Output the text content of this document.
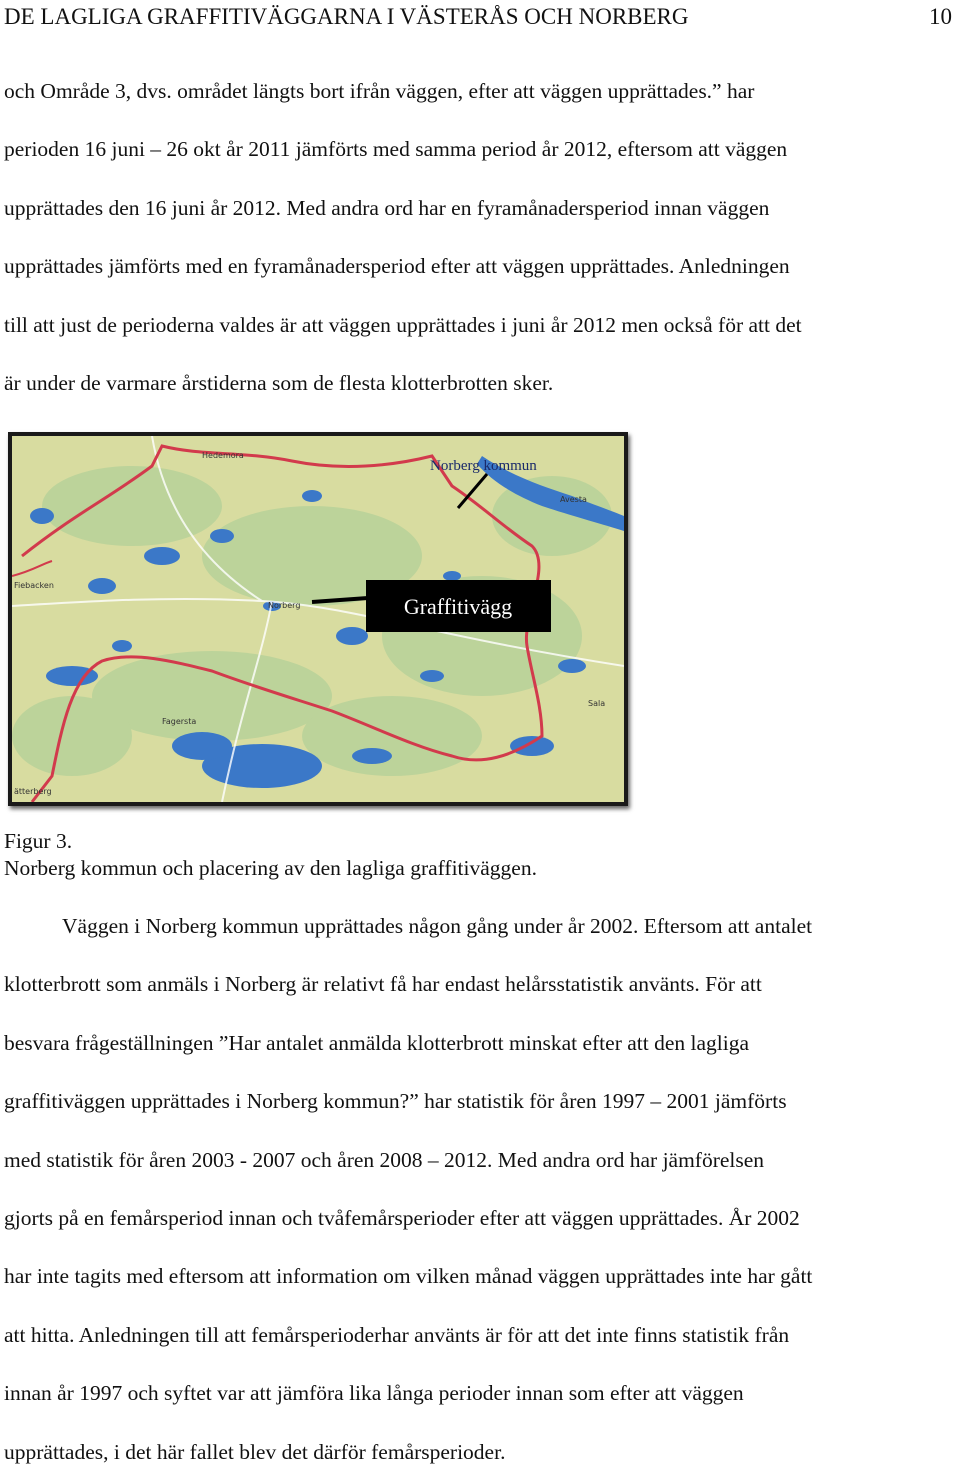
DE LAGLIGA GRAFFITIVÄGGARNA I VÄSTERÅS OCH NORBERG	10
och Område 3, dvs. området längts bort ifrån väggen, efter att väggen upprättades.” har
perioden 16 juni – 26 okt år 2011 jämförts med samma period år 2012, eftersom att väggen
upprättades den 16 juni år 2012. Med andra ord har en fyramånadersperiod innan väggen
upprättades jämförts med en fyramånadersperiod efter att väggen upprättades. Anledningen
till att just de perioderna valdes är att väggen upprättades i juni år 2012 men också för att det
är under de varmare årstiderna som de flesta klotterbrotten sker.
Hedemora
Avesta
Fiebacken
Norberg
Fagersta
Sala
ätterberg
Norberg kommun
Graffitivägg
Figur 3.
Norberg kommun och placering av den lagliga graffitiväggen.
Väggen i Norberg kommun upprättades någon gång under år 2002. Eftersom att antalet
klotterbrott som anmäls i Norberg är relativt få har endast helårsstatistik använts. För att
besvara frågeställningen ”Har antalet anmälda klotterbrott minskat efter att den lagliga
graffitiväggen upprättades i Norberg kommun?” har statistik för åren 1997 – 2001 jämförts
med statistik för åren 2003 - 2007 och åren 2008 – 2012. Med andra ord har jämförelsen
gjorts på en femårsperiod innan och tvåfemårsperioder efter att väggen upprättades. År 2002
har inte tagits med eftersom att information om vilken månad väggen upprättades inte har gått
att hitta. Anledningen till att femårsperioderhar använts är för att det inte finns statistik från
innan år 1997 och syftet var att jämföra lika långa perioder innan som efter att väggen
upprättades, i det här fallet blev det därför femårsperioder.
